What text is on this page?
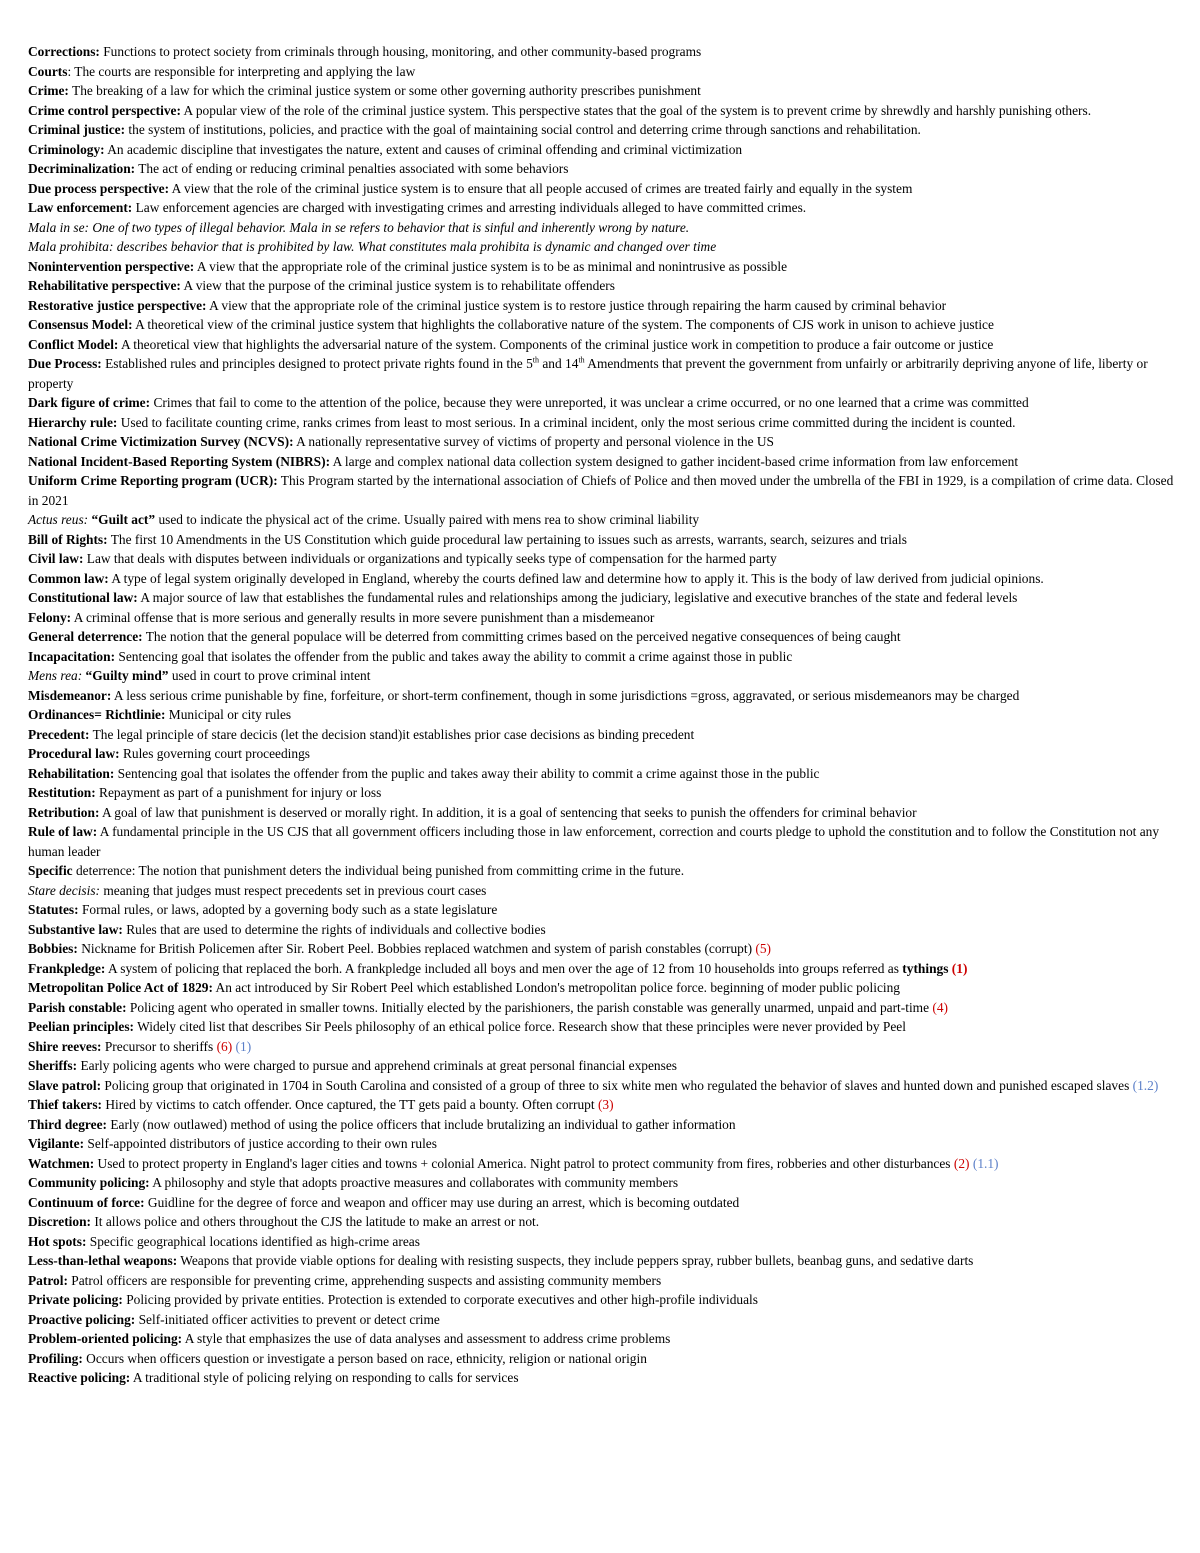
Corrections: Functions to protect society from criminals through housing, monitoring, and other community-based programs
Courts: The courts are responsible for interpreting and applying the law
Crime: The breaking of a law for which the criminal justice system or some other governing authority prescribes punishment
Crime control perspective: A popular view of the role of the criminal justice system. This perspective states that the goal of the system is to prevent crime by shrewdly and harshly punishing others.
Criminal justice: the system of institutions, policies, and practice with the goal of maintaining social control and deterring crime through sanctions and rehabilitation.
Criminology: An academic discipline that investigates the nature, extent and causes of criminal offending and criminal victimization
Decriminalization: The act of ending or reducing criminal penalties associated with some behaviors
Due process perspective: A view that the role of the criminal justice system is to ensure that all people accused of crimes are treated fairly and equally in the system
Law enforcement: Law enforcement agencies are charged with investigating crimes and arresting individuals alleged to have committed crimes.
Mala in se: One of two types of illegal behavior. Mala in se refers to behavior that is sinful and inherently wrong by nature.
Mala prohibita: describes behavior that is prohibited by law. What constitutes mala prohibita is dynamic and changed over time
Nonintervention perspective: A view that the appropriate role of the criminal justice system is to be as minimal and nonintrusive as possible
Rehabilitative perspective: A view that the purpose of the criminal justice system is to rehabilitate offenders
Restorative justice perspective: A view that the appropriate role of the criminal justice system is to restore justice through repairing the harm caused by criminal behavior
Consensus Model: A theoretical view of the criminal justice system that highlights the collaborative nature of the system. The components of CJS work in unison to achieve justice
Conflict Model: A theoretical view that highlights the adversarial nature of the system. Components of the criminal justice work in competition to produce a fair outcome or justice
Due Process: Established rules and principles designed to protect private rights found in the 5th and 14th Amendments that prevent the government from unfairly or arbitrarily depriving anyone of life, liberty or property
Dark figure of crime: Crimes that fail to come to the attention of the police, because they were unreported, it was unclear a crime occurred, or no one learned that a crime was committed
Hierarchy rule: Used to facilitate counting crime, ranks crimes from least to most serious. In a criminal incident, only the most serious crime committed during the incident is counted.
National Crime Victimization Survey (NCVS): A nationally representative survey of victims of property and personal violence in the US
National Incident-Based Reporting System (NIBRS): A large and complex national data collection system designed to gather incident-based crime information from law enforcement
Uniform Crime Reporting program (UCR): This Program started by the international association of Chiefs of Police and then moved under the umbrella of the FBI in 1929, is a compilation of crime data. Closed in 2021
Actus reus: “Guilt act” used to indicate the physical act of the crime. Usually paired with mens rea to show criminal liability
Bill of Rights: The first 10 Amendments in the US Constitution which guide procedural law pertaining to issues such as arrests, warrants, search, seizures and trials
Civil law: Law that deals with disputes between individuals or organizations and typically seeks type of compensation for the harmed party
Common law: A type of legal system originally developed in England, whereby the courts defined law and determine how to apply it. This is the body of law derived from judicial opinions.
Constitutional law: A major source of law that establishes the fundamental rules and relationships among the judiciary, legislative and executive branches of the state and federal levels
Felony: A criminal offense that is more serious and generally results in more severe punishment than a misdemeanor
General deterrence: The notion that the general populace will be deterred from committing crimes based on the perceived negative consequences of being caught
Incapacitation: Sentencing goal that isolates the offender from the public and takes away the ability to commit a crime against those in public
Mens rea: “Guilty mind” used in court to prove criminal intent
Misdemeanor: A less serious crime punishable by fine, forfeiture, or short-term confinement, though in some jurisdictions =gross, aggravated, or serious misdemeanors may be charged
Ordinances= Richtlinie: Municipal or city rules
Precedent: The legal principle of stare decicis (let the decision stand)it establishes prior case decisions as binding precedent
Procedural law: Rules governing court proceedings
Rehabilitation: Sentencing goal that isolates the offender from the puplic and takes away their ability to commit a crime against those in the public
Restitution: Repayment as part of a punishment for injury or loss
Retribution: A goal of law that punishment is deserved or morally right. In addition, it is a goal of sentencing that seeks to punish the offenders for criminal behavior
Rule of law: A fundamental principle in the US CJS that all government officers including those in law enforcement, correction and courts pledge to uphold the constitution and to follow the Constitution not any human leader
Specific deterrence: The notion that punishment deters the individual being punished from committing crime in the future.
Stare decisis: meaning that judges must respect precedents set in previous court cases
Statutes: Formal rules, or laws, adopted by a governing body such as a state legislature
Substantive law: Rules that are used to determine the rights of individuals and collective bodies
Bobbies: Nickname for British Policemen after Sir. Robert Peel. Bobbies replaced watchmen and system of parish constables (corrupt) (5)
Frankpledge: A system of policing that replaced the borh. A frankpledge included all boys and men over the age of 12 from 10 households into groups referred as tythings (1)
Metropolitan Police Act of 1829: An act introduced by Sir Robert Peel which established London's metropolitan police force. beginning of moder public policing
Parish constable: Policing agent who operated in smaller towns. Initially elected by the parishioners, the parish constable was generally unarmed, unpaid and part-time (4)
Peelian principles: Widely cited list that describes Sir Peels philosophy of an ethical police force. Research show that these principles were never provided by Peel
Shire reeves: Precursor to sheriffs (6) (1)
Sheriffs: Early policing agents who were charged to pursue and apprehend criminals at great personal financial expenses
Slave patrol: Policing group that originated in 1704 in South Carolina and consisted of a group of three to six white men who regulated the behavior of slaves and hunted down and punished escaped slaves (1.2)
Thief takers: Hired by victims to catch offender. Once captured, the TT gets paid a bounty. Often corrupt (3)
Third degree: Early (now outlawed) method of using the police officers that include brutalizing an individual to gather information
Vigilante: Self-appointed distributors of justice according to their own rules
Watchmen: Used to protect property in England's lager cities and towns + colonial America. Night patrol to protect community from fires, robberies and other disturbances (2) (1.1)
Community policing: A philosophy and style that adopts proactive measures and collaborates with community members
Continuum of force: Guidline for the degree of force and weapon and officer may use during an arrest, which is becoming outdated
Discretion: It allows police and others throughout the CJS the latitude to make an arrest or not.
Hot spots: Specific geographical locations identified as high-crime areas
Less-than-lethal weapons: Weapons that provide viable options for dealing with resisting suspects, they include peppers spray, rubber bullets, beanbag guns, and sedative darts
Patrol: Patrol officers are responsible for preventing crime, apprehending suspects and assisting community members
Private policing: Policing provided by private entities. Protection is extended to corporate executives and other high-profile individuals
Proactive policing: Self-initiated officer activities to prevent or detect crime
Problem-oriented policing: A style that emphasizes the use of data analyses and assessment to address crime problems
Profiling: Occurs when officers question or investigate a person based on race, ethnicity, religion or national origin
Reactive policing: A traditional style of policing relying on responding to calls for services
